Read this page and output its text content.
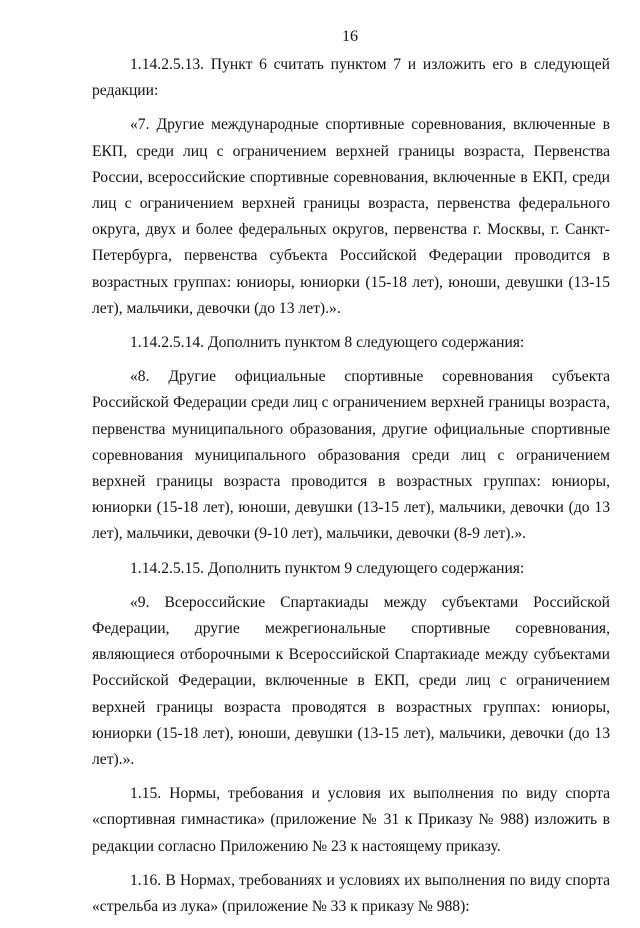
16

1.14.2.5.13. Пункт 6 считать пунктом 7 и изложить его в следующей редакции:

«7. Другие международные спортивные соревнования, включенные в ЕКП, среди лиц с ограничением верхней границы возраста, Первенства России, всероссийские спортивные соревнования, включенные в ЕКП, среди лиц с ограничением верхней границы возраста, первенства федерального округа, двух и более федеральных округов, первенства г. Москвы, г. Санкт-Петербурга, первенства субъекта Российской Федерации проводится в возрастных группах: юниоры, юниорки (15-18 лет), юноши, девушки (13-15 лет), мальчики, девочки (до 13 лет).».

1.14.2.5.14. Дополнить пунктом 8 следующего содержания:

«8. Другие официальные спортивные соревнования субъекта Российской Федерации среди лиц с ограничением верхней границы возраста, первенства муниципального образования, другие официальные спортивные соревнования муниципального образования среди лиц с ограничением верхней границы возраста проводится в возрастных группах: юниоры, юниорки (15-18 лет), юноши, девушки (13-15 лет), мальчики, девочки (до 13 лет), мальчики, девочки (9-10 лет), мальчики, девочки (8-9 лет).».

1.14.2.5.15. Дополнить пунктом 9 следующего содержания:

«9. Всероссийские Спартакиады между субъектами Российской Федерации, другие межрегиональные спортивные соревнования, являющиеся отборочными к Всероссийской Спартакиаде между субъектами Российской Федерации, включенные в ЕКП, среди лиц с ограничением верхней границы возраста проводятся в возрастных группах: юниоры, юниорки (15-18 лет), юноши, девушки (13-15 лет), мальчики, девочки (до 13 лет).».

1.15. Нормы, требования и условия их выполнения по виду спорта «спортивная гимнастика» (приложение № 31 к Приказу № 988) изложить в редакции согласно Приложению № 23 к настоящему приказу.

1.16. В Нормах, требованиях и условиях их выполнения по виду спорта «стрельба из лука» (приложение № 33 к приказу № 988):
